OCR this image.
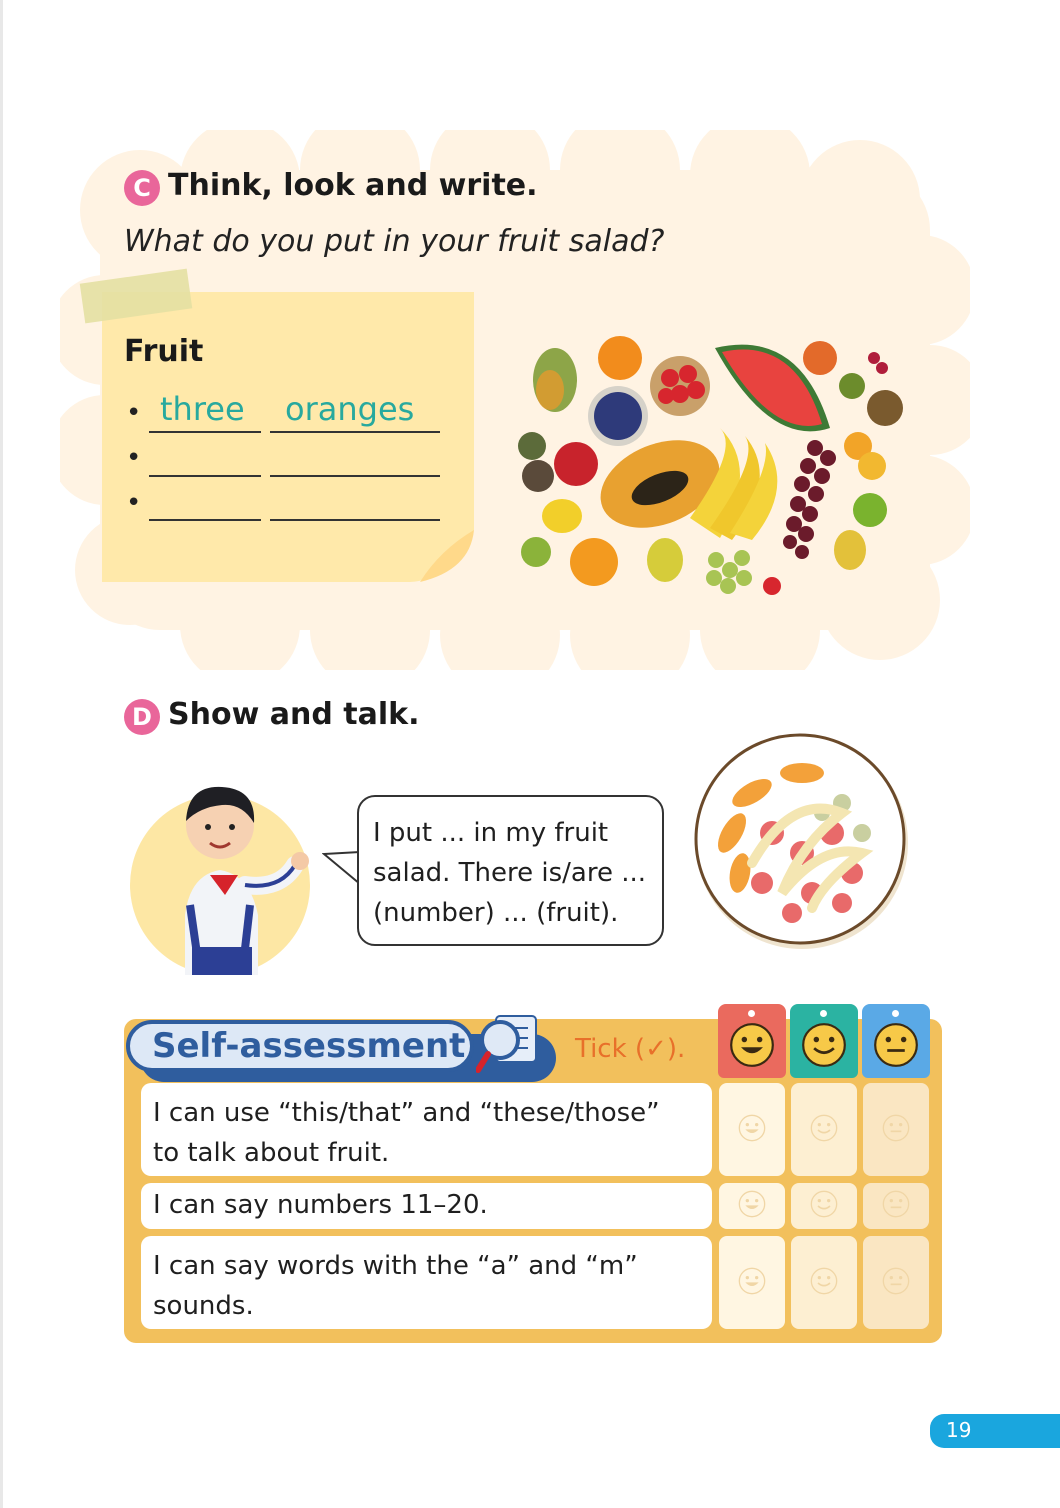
C Think, look and write.
What do you put in your fruit salad?
Fruit
•
•
•
three oranges
D Show and talk.
I put ... in my fruit
salad. There is/are ...
(number) ... (fruit).
Self-assessment	Tick (✓).
I can use “this/that” and “these/those”
to talk about fruit.
I can say numbers 11–20.
I can say words with the “a” and “m”
sounds.
19
